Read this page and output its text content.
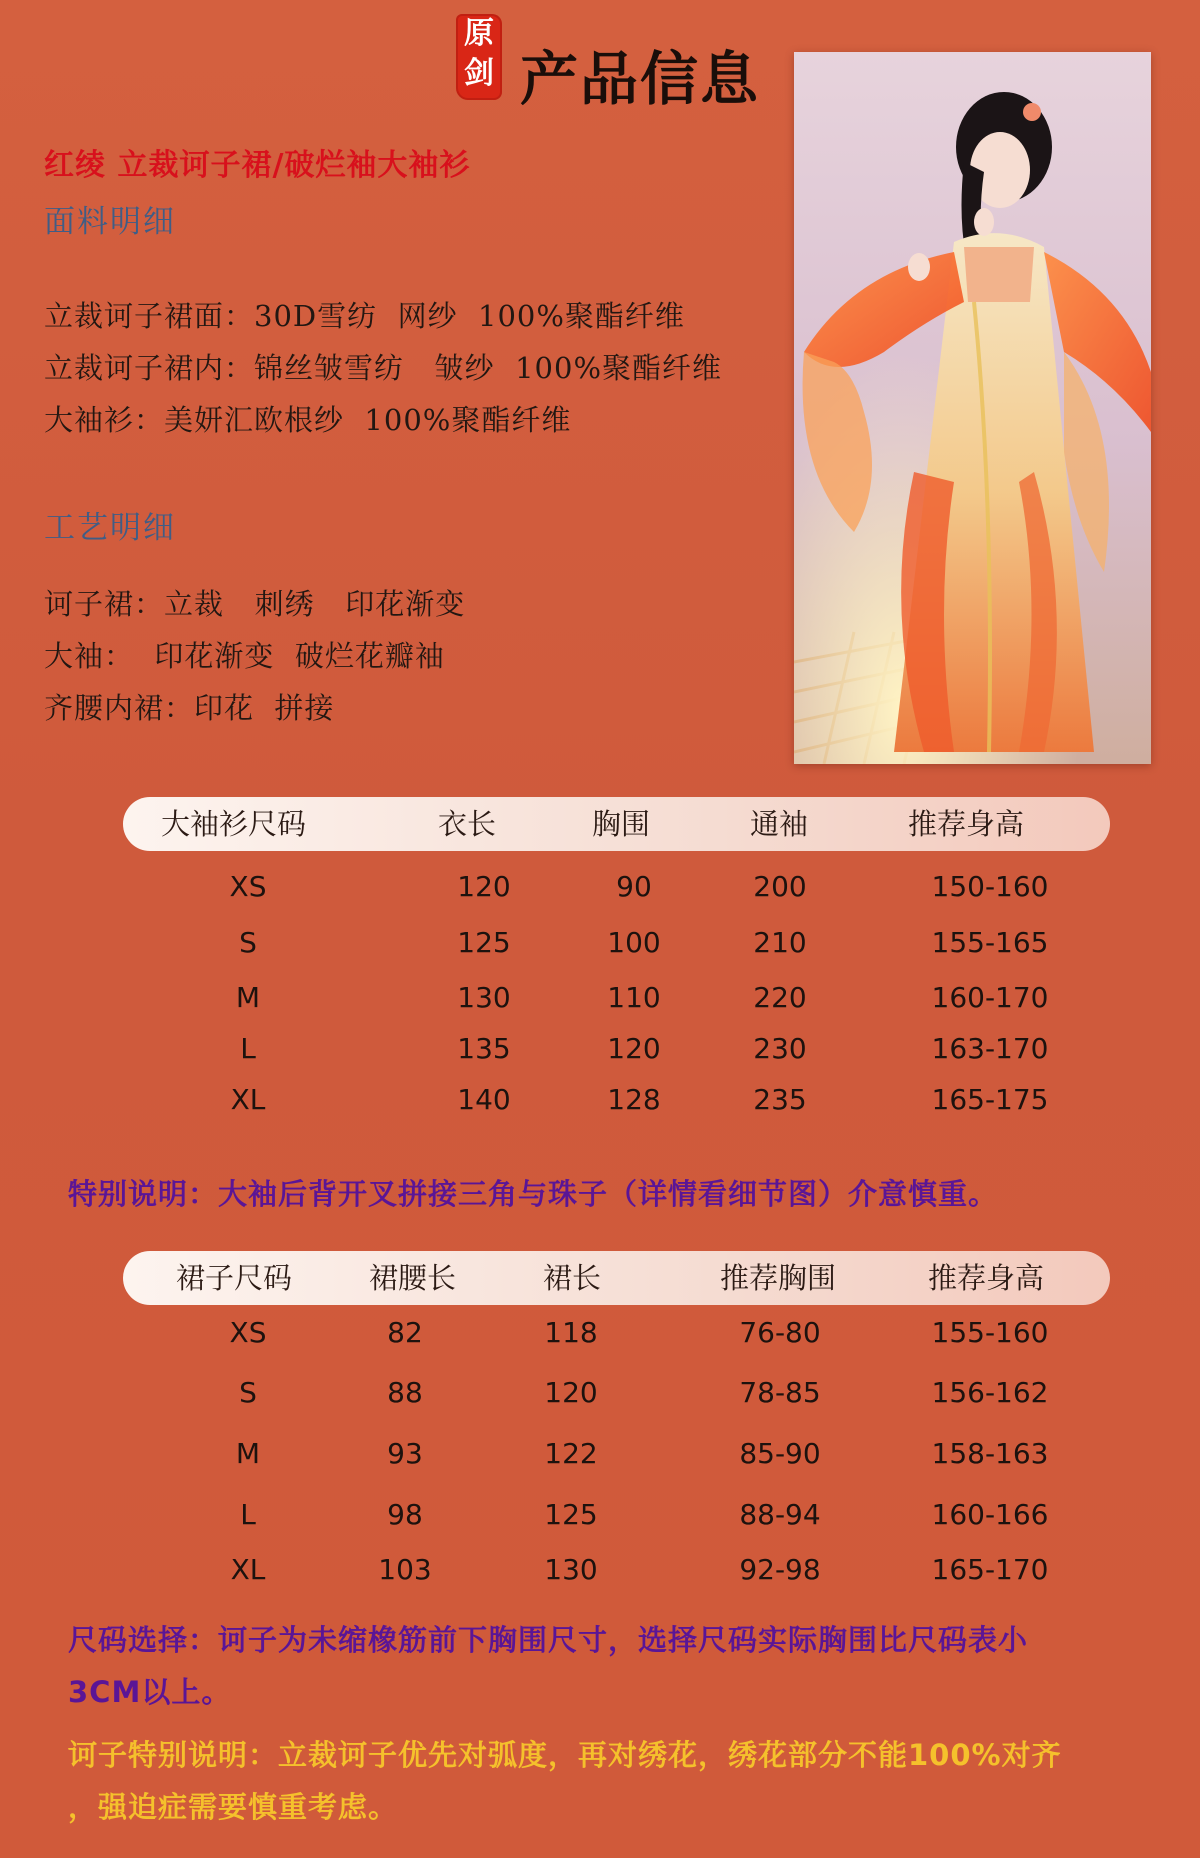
原
剑 产品信息
红绫 立裁诃子裙/破烂袖大袖衫
面料明细
立裁诃子裙面：30D雪纺  网纱  100%聚酯纤维
立裁诃子裙内：锦丝皱雪纺   皱纱  100%聚酯纤维
大袖衫：美妍汇欧根纱  100%聚酯纤维
工艺明细
诃子裙：立裁   刺绣   印花渐变
大袖：  印花渐变  破烂花瓣袖
齐腰内裙：印花  拼接
大袖衫尺码	衣长	胸围	通袖	推荐身高
XS	120	90	200	150-160
S	125	100	210	155-165
M	130	110	220	160-170
L	135	120	230	163-170
XL	140	128	235	165-175
特别说明：大袖后背开叉拼接三角与珠子（详情看细节图）介意慎重。
裙子尺码	裙腰长	裙长	推荐胸围	推荐身高
XS	82	118	76-80	155-160
S	88	120	78-85	156-162
M	93	122	85-90	158-163
L	98	125	88-94	160-166
XL	103	130	92-98	165-170
尺码选择：诃子为未缩橡筋前下胸围尺寸，选择尺码实际胸围比尺码表小
3CM以上。
诃子特别说明：立裁诃子优先对弧度，再对绣花，绣花部分不能100%对齐
，强迫症需要慎重考虑。
